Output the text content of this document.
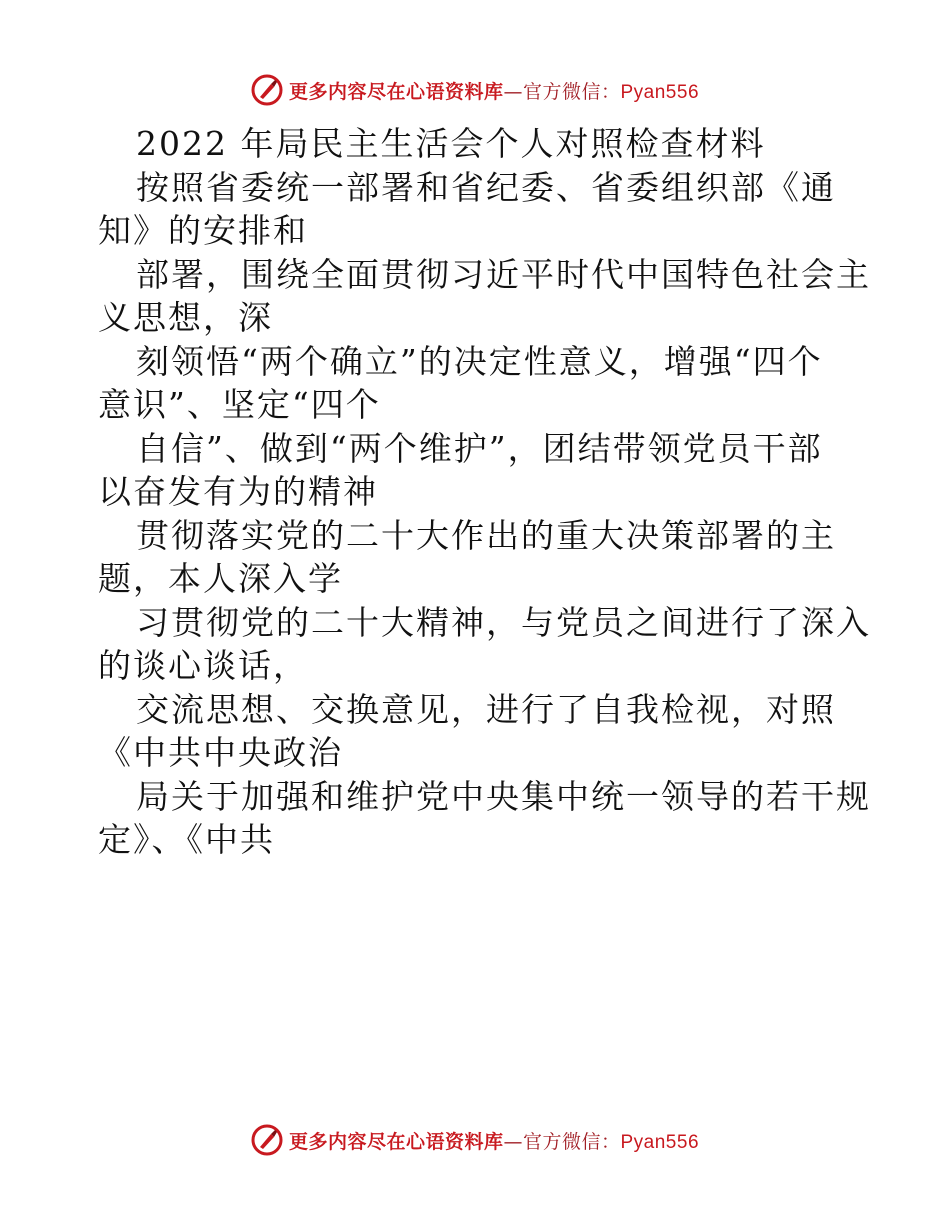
更多内容尽在心语资料库—官方微信：Pyan556
2022 年局民主生活会个人对照检查材料
按照省委统一部署和省纪委、省委组织部《通
知》的安排和
部署，围绕全面贯彻习近平时代中国特色社会主
义思想，深
刻领悟“两个确立”的决定性意义，增强“四个
意识”、坚定“四个
自信”、做到“两个维护”，团结带领党员干部
以奋发有为的精神
贯彻落实党的二十大作出的重大决策部署的主
题，本人深入学
习贯彻党的二十大精神，与党员之间进行了深入
的谈心谈话，
交流思想、交换意见，进行了自我检视，对照
《中共中央政治
局关于加强和维护党中央集中统一领导的若干规
定》、《中共
更多内容尽在心语资料库—官方微信：Pyan556
